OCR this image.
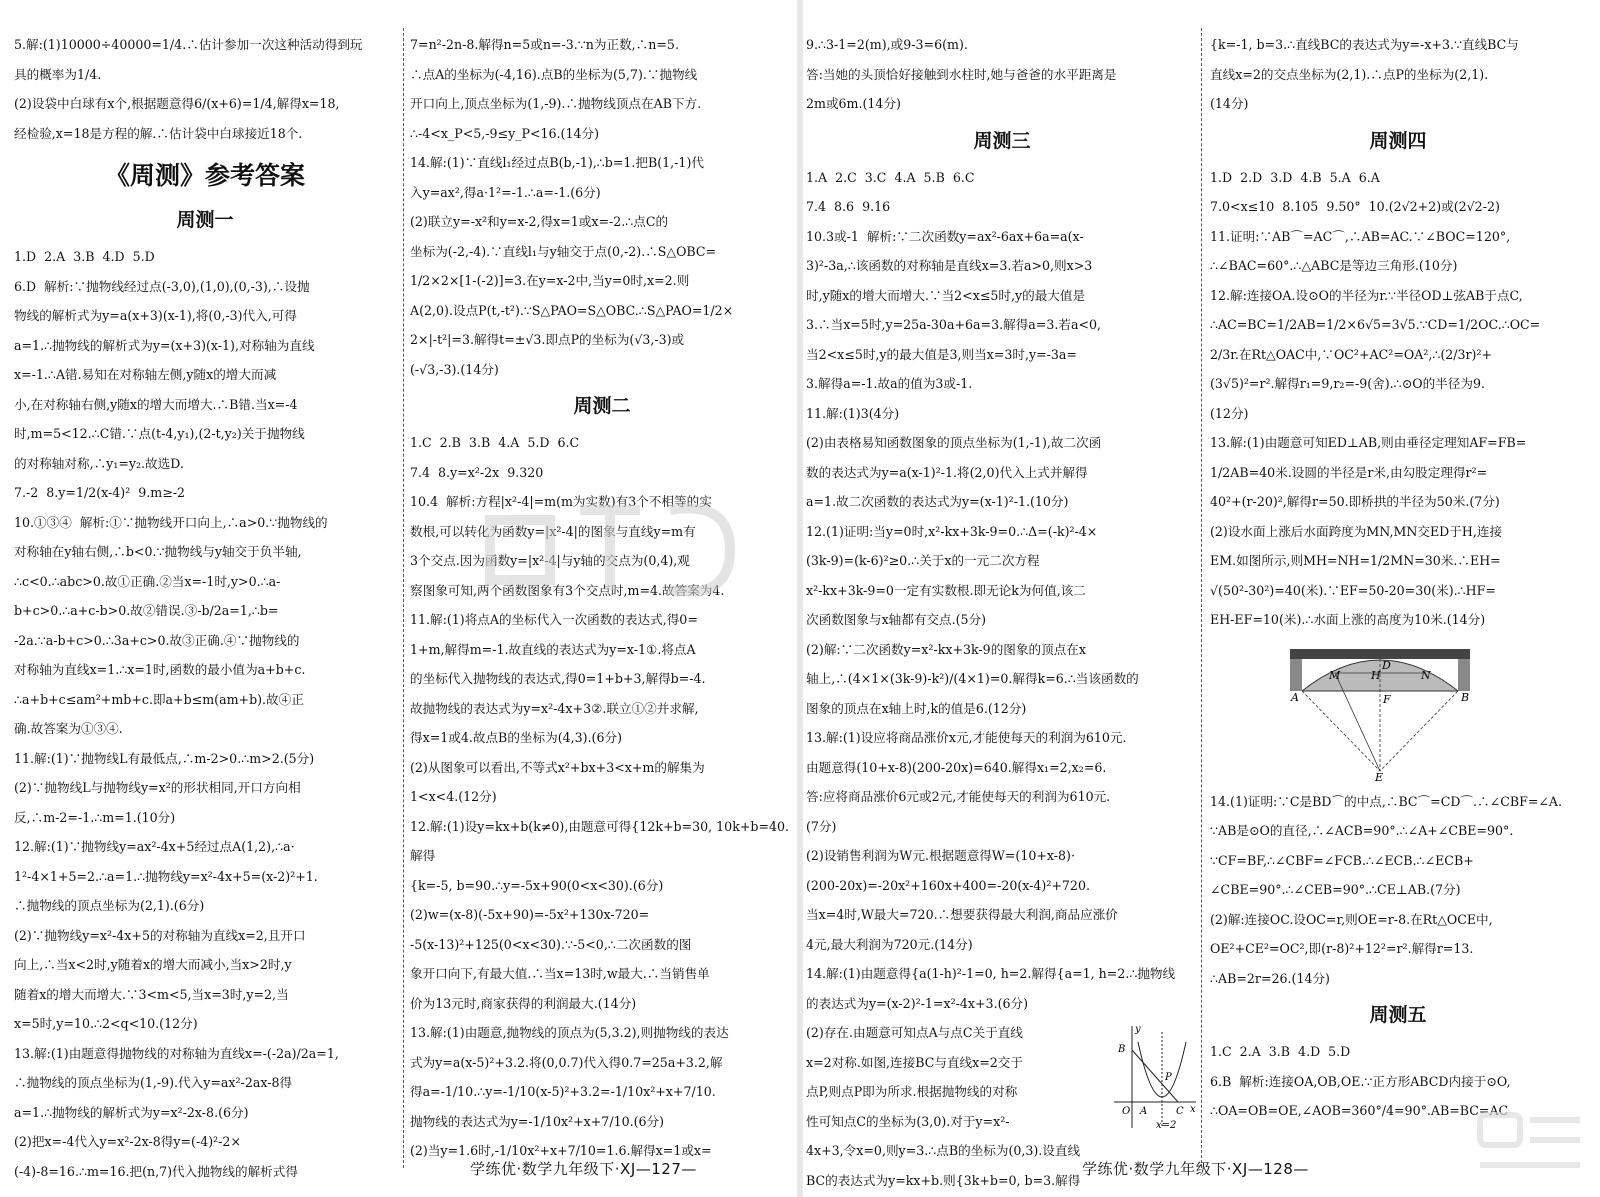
5.解:(1)10000÷40000=1/4.∴估计参加一次这种活动得到玩

具的概率为1/4.

(2)设袋中白球有x个,根据题意得6/(x+6)=1/4,解得x=18,

经检验,x=18是方程的解.∴估计袋中白球接近18个.

《周测》参考答案

周测一

1.D  2.A  3.B  4.D  5.D

6.D  解析:∵抛物线经过点(-3,0),(1,0),(0,-3),∴设抛

物线的解析式为y=a(x+3)(x-1),将(0,-3)代入,可得

a=1.∴抛物线的解析式为y=(x+3)(x-1),对称轴为直线

x=-1.∴A错.易知在对称轴左侧,y随x的增大而减

小,在对称轴右侧,y随x的增大而增大.∴B错.当x=-4

时,m=5<12.∴C错.∵点(t-4,y₁),(2-t,y₂)关于抛物线

的对称轴对称,∴y₁=y₂.故选D.

7.-2  8.y=1/2(x-4)²  9.m≥-2

10.①③④  解析:①∵抛物线开口向上,∴a>0.∵抛物线的

对称轴在y轴右侧,∴b<0.∵抛物线与y轴交于负半轴,

∴c<0.∴abc>0.故①正确.②当x=-1时,y>0.∴a-

b+c>0.∴a+c-b>0.故②错误.③-b/2a=1,∴b=

-2a.∵a-b+c>0.∴3a+c>0.故③正确.④∵抛物线的

对称轴为直线x=1.∴x=1时,函数的最小值为a+b+c.

∴a+b+c≤am²+mb+c.即a+b≤m(am+b).故④正

确.故答案为①③④.

11.解:(1)∵抛物线L有最低点,∴m-2>0.∴m>2.(5分)

(2)∵抛物线L与抛物线y=x²的形状相同,开口方向相

反,∴m-2=-1.∴m=1.(10分)

12.解:(1)∵抛物线y=ax²-4x+5经过点A(1,2),∴a·

1²-4×1+5=2.∴a=1.∴抛物线y=x²-4x+5=(x-2)²+1.

∴抛物线的顶点坐标为(2,1).(6分)

(2)∵抛物线y=x²-4x+5的对称轴为直线x=2,且开口

向上,∴当x<2时,y随着x的增大而减小,当x>2时,y

随着x的增大而增大.∵3<m<5,当x=3时,y=2,当

x=5时,y=10.∴2<q<10.(12分)

13.解:(1)由题意得抛物线的对称轴为直线x=-(-2a)/2a=1,

∴抛物线的顶点坐标为(1,-9).代入y=ax²-2ax-8得

a=1.∴抛物线的解析式为y=x²-2x-8.(6分)

(2)把x=-4代入y=x²-2x-8得y=(-4)²-2×

(-4)-8=16.∴m=16.把(n,7)代入抛物线的解析式得

7=n²-2n-8.解得n=5或n=-3.∵n为正数,∴n=5.

∴点A的坐标为(-4,16).点B的坐标为(5,7).∵抛物线

开口向上,顶点坐标为(1,-9).∴抛物线顶点在AB下方.

∴-4<x_P<5,-9≤y_P<16.(14分)

14.解:(1)∵直线l₁经过点B(b,-1),∴b=1.把B(1,-1)代

入y=ax²,得a·1²=-1.∴a=-1.(6分)

(2)联立y=-x²和y=x-2,得x=1或x=-2.∴点C的

坐标为(-2,-4).∵直线l₁与y轴交于点(0,-2).∴S△OBC=

1/2×2×[1-(-2)]=3.在y=x-2中,当y=0时,x=2.则

A(2,0).设点P(t,-t²).∵S△PAO=S△OBC.∴S△PAO=1/2×

2×|-t²|=3.解得t=±√3.即点P的坐标为(√3,-3)或

(-√3,-3).(14分)

周测二

1.C  2.B  3.B  4.A  5.D  6.C

7.4  8.y=x²-2x  9.320

10.4  解析:方程|x²-4|=m(m为实数)有3个不相等的实

数根,可以转化为函数y=|x²-4|的图象与直线y=m有

3个交点.因为函数y=|x²-4|与y轴的交点为(0,4),观

察图象可知,两个函数图象有3个交点时,m=4.故答案为4.

11.解:(1)将点A的坐标代入一次函数的表达式,得0=

1+m,解得m=-1.故直线的表达式为y=x-1①.将点A

的坐标代入抛物线的表达式,得0=1+b+3,解得b=-4.

故抛物线的表达式为y=x²-4x+3②.联立①②并求解,

得x=1或4.故点B的坐标为(4,3).(6分)

(2)从图象可以看出,不等式x²+bx+3<x+m的解集为

1<x<4.(12分)

12.解:(1)设y=kx+b(k≠0),由题意可得{12k+b=30, 10k+b=40.解得

{k=-5, b=90.∴y=-5x+90(0<x<30).(6分)

(2)w=(x-8)(-5x+90)=-5x²+130x-720=

-5(x-13)²+125(0<x<30).∵-5<0,∴二次函数的图

象开口向下,有最大值.∴当x=13时,w最大.∴当销售单

价为13元时,商家获得的利润最大.(14分)

13.解:(1)由题意,抛物线的顶点为(5,3.2),则抛物线的表达

式为y=a(x-5)²+3.2.将(0,0.7)代入得0.7=25a+3.2,解

得a=-1/10.∴y=-1/10(x-5)²+3.2=-1/10x²+x+7/10.

抛物线的表达式为y=-1/10x²+x+7/10.(6分)

(2)当y=1.6时,-1/10x²+x+7/10=1.6.解得x=1或x=

9.∴3-1=2(m),或9-3=6(m).

答:当她的头顶恰好接触到水柱时,她与爸爸的水平距离是

2m或6m.(14分)

周测三

1.A  2.C  3.C  4.A  5.B  6.C

7.4  8.6  9.16

10.3或-1  解析:∵二次函数y=ax²-6ax+6a=a(x-

3)²-3a,∴该函数的对称轴是直线x=3.若a>0,则x>3

时,y随x的增大而增大.∵当2<x≤5时,y的最大值是

3.∴当x=5时,y=25a-30a+6a=3.解得a=3.若a<0,

当2<x≤5时,y的最大值是3,则当x=3时,y=-3a=

3.解得a=-1.故a的值为3或-1.

11.解:(1)3(4分)

(2)由表格易知函数图象的顶点坐标为(1,-1),故二次函

数的表达式为y=a(x-1)²-1.将(2,0)代入上式并解得

a=1.故二次函数的表达式为y=(x-1)²-1.(10分)

12.(1)证明:当y=0时,x²-kx+3k-9=0.∴Δ=(-k)²-4×

(3k-9)=(k-6)²≥0.∴关于x的一元二次方程

x²-kx+3k-9=0一定有实数根.即无论k为何值,该二

次函数图象与x轴都有交点.(5分)

(2)解:∵二次函数y=x²-kx+3k-9的图象的顶点在x

轴上,∴(4×1×(3k-9)-k²)/(4×1)=0.解得k=6.∴当该函数的

图象的顶点在x轴上时,k的值是6.(12分)

13.解:(1)设应将商品涨价x元,才能使每天的利润为610元.

由题意得(10+x-8)(200-20x)=640.解得x₁=2,x₂=6.

答:应将商品涨价6元或2元,才能使每天的利润为610元.

(7分)

(2)设销售利润为W元.根据题意得W=(10+x-8)·

(200-20x)=-20x²+160x+400=-20(x-4)²+720.

当x=4时,W最大=720.∴想要获得最大利润,商品应涨价

4元,最大利润为720元.(14分)

14.解:(1)由题意得{a(1-h)²-1=0, h=2.解得{a=1, h=2.∴抛物线

的表达式为y=(x-2)²-1=x²-4x+3.(6分)

y
B
P
O A	C x
x=2

(2)存在.由题意可知点A与点C关于直线

x=2对称.如图,连接BC与直线x=2交于

点P,则点P即为所求.根据抛物线的对称

性可知点C的坐标为(3,0).对于y=x²-

4x+3,令x=0,则y=3.∴点B的坐标为(0,3).设直线

BC的表达式为y=kx+b.则{3k+b=0, b=3.解得

{k=-1, b=3.∴直线BC的表达式为y=-x+3.∵直线BC与

直线x=2的交点坐标为(2,1).∴点P的坐标为(2,1).

(14分)

周测四

1.D  2.D  3.D  4.B  5.A  6.A

7.0<x≤10  8.105  9.50°  10.(2√2+2)或(2√2-2)

11.证明:∵AB⌒=AC⌒,∴AB=AC.∵∠BOC=120°,

∴∠BAC=60°.∴△ABC是等边三角形.(10分)

12.解:连接OA.设⊙O的半径为r.∵半径OD⊥弦AB于点C,

∴AC=BC=1/2AB=1/2×6√5=3√5.∵CD=1/2OC.∴OC=

2/3r.在Rt△OAC中,∵OC²+AC²=OA²,∴(2/3r)²+

(3√5)²=r².解得r₁=9,r₂=-9(舍).∴⊙O的半径为9.

(12分)

13.解:(1)由题意可知ED⊥AB,则由垂径定理知AF=FB=

1/2AB=40米.设圆的半径是r米,由勾股定理得r²=

40²+(r-20)²,解得r=50.即桥拱的半径为50米.(7分)

(2)设水面上涨后水面跨度为MN,MN交ED于H,连接

EM.如图所示,则MH=NH=1/2MN=30米.∴EH=

√(50²-30²)=40(米).∵EF=50-20=30(米).∴HF=

EH-EF=10(米).∴水面上涨的高度为10米.(14分)

D
M	H	N
A	F	B
E

14.(1)证明:∵C是BD⌒的中点,∴BC⌒=CD⌒.∴∠CBF=∠A.

∵AB是⊙O的直径,∴∠ACB=90°.∴∠A+∠CBE=90°.

∵CF=BF,∴∠CBF=∠FCB.∴∠ECB.∴∠ECB+

∠CBE=90°.∴∠CEB=90°.∴CE⊥AB.(7分)

(2)解:连接OC.设OC=r,则OE=r-8.在Rt△OCE中,

OE²+CE²=OC²,即(r-8)²+12²=r².解得r=13.

∴AB=2r=26.(14分)

周测五

1.C  2.A  3.B  4.D  5.D

6.B  解析:连接OA,OB,OE.∵正方形ABCD内接于⊙O,

∴OA=OB=OE,∠AOB=360°/4=90°.AB=BC=AC

学练优·数学九年级下·XJ—127—	学练优·数学九年级下·XJ—128—
